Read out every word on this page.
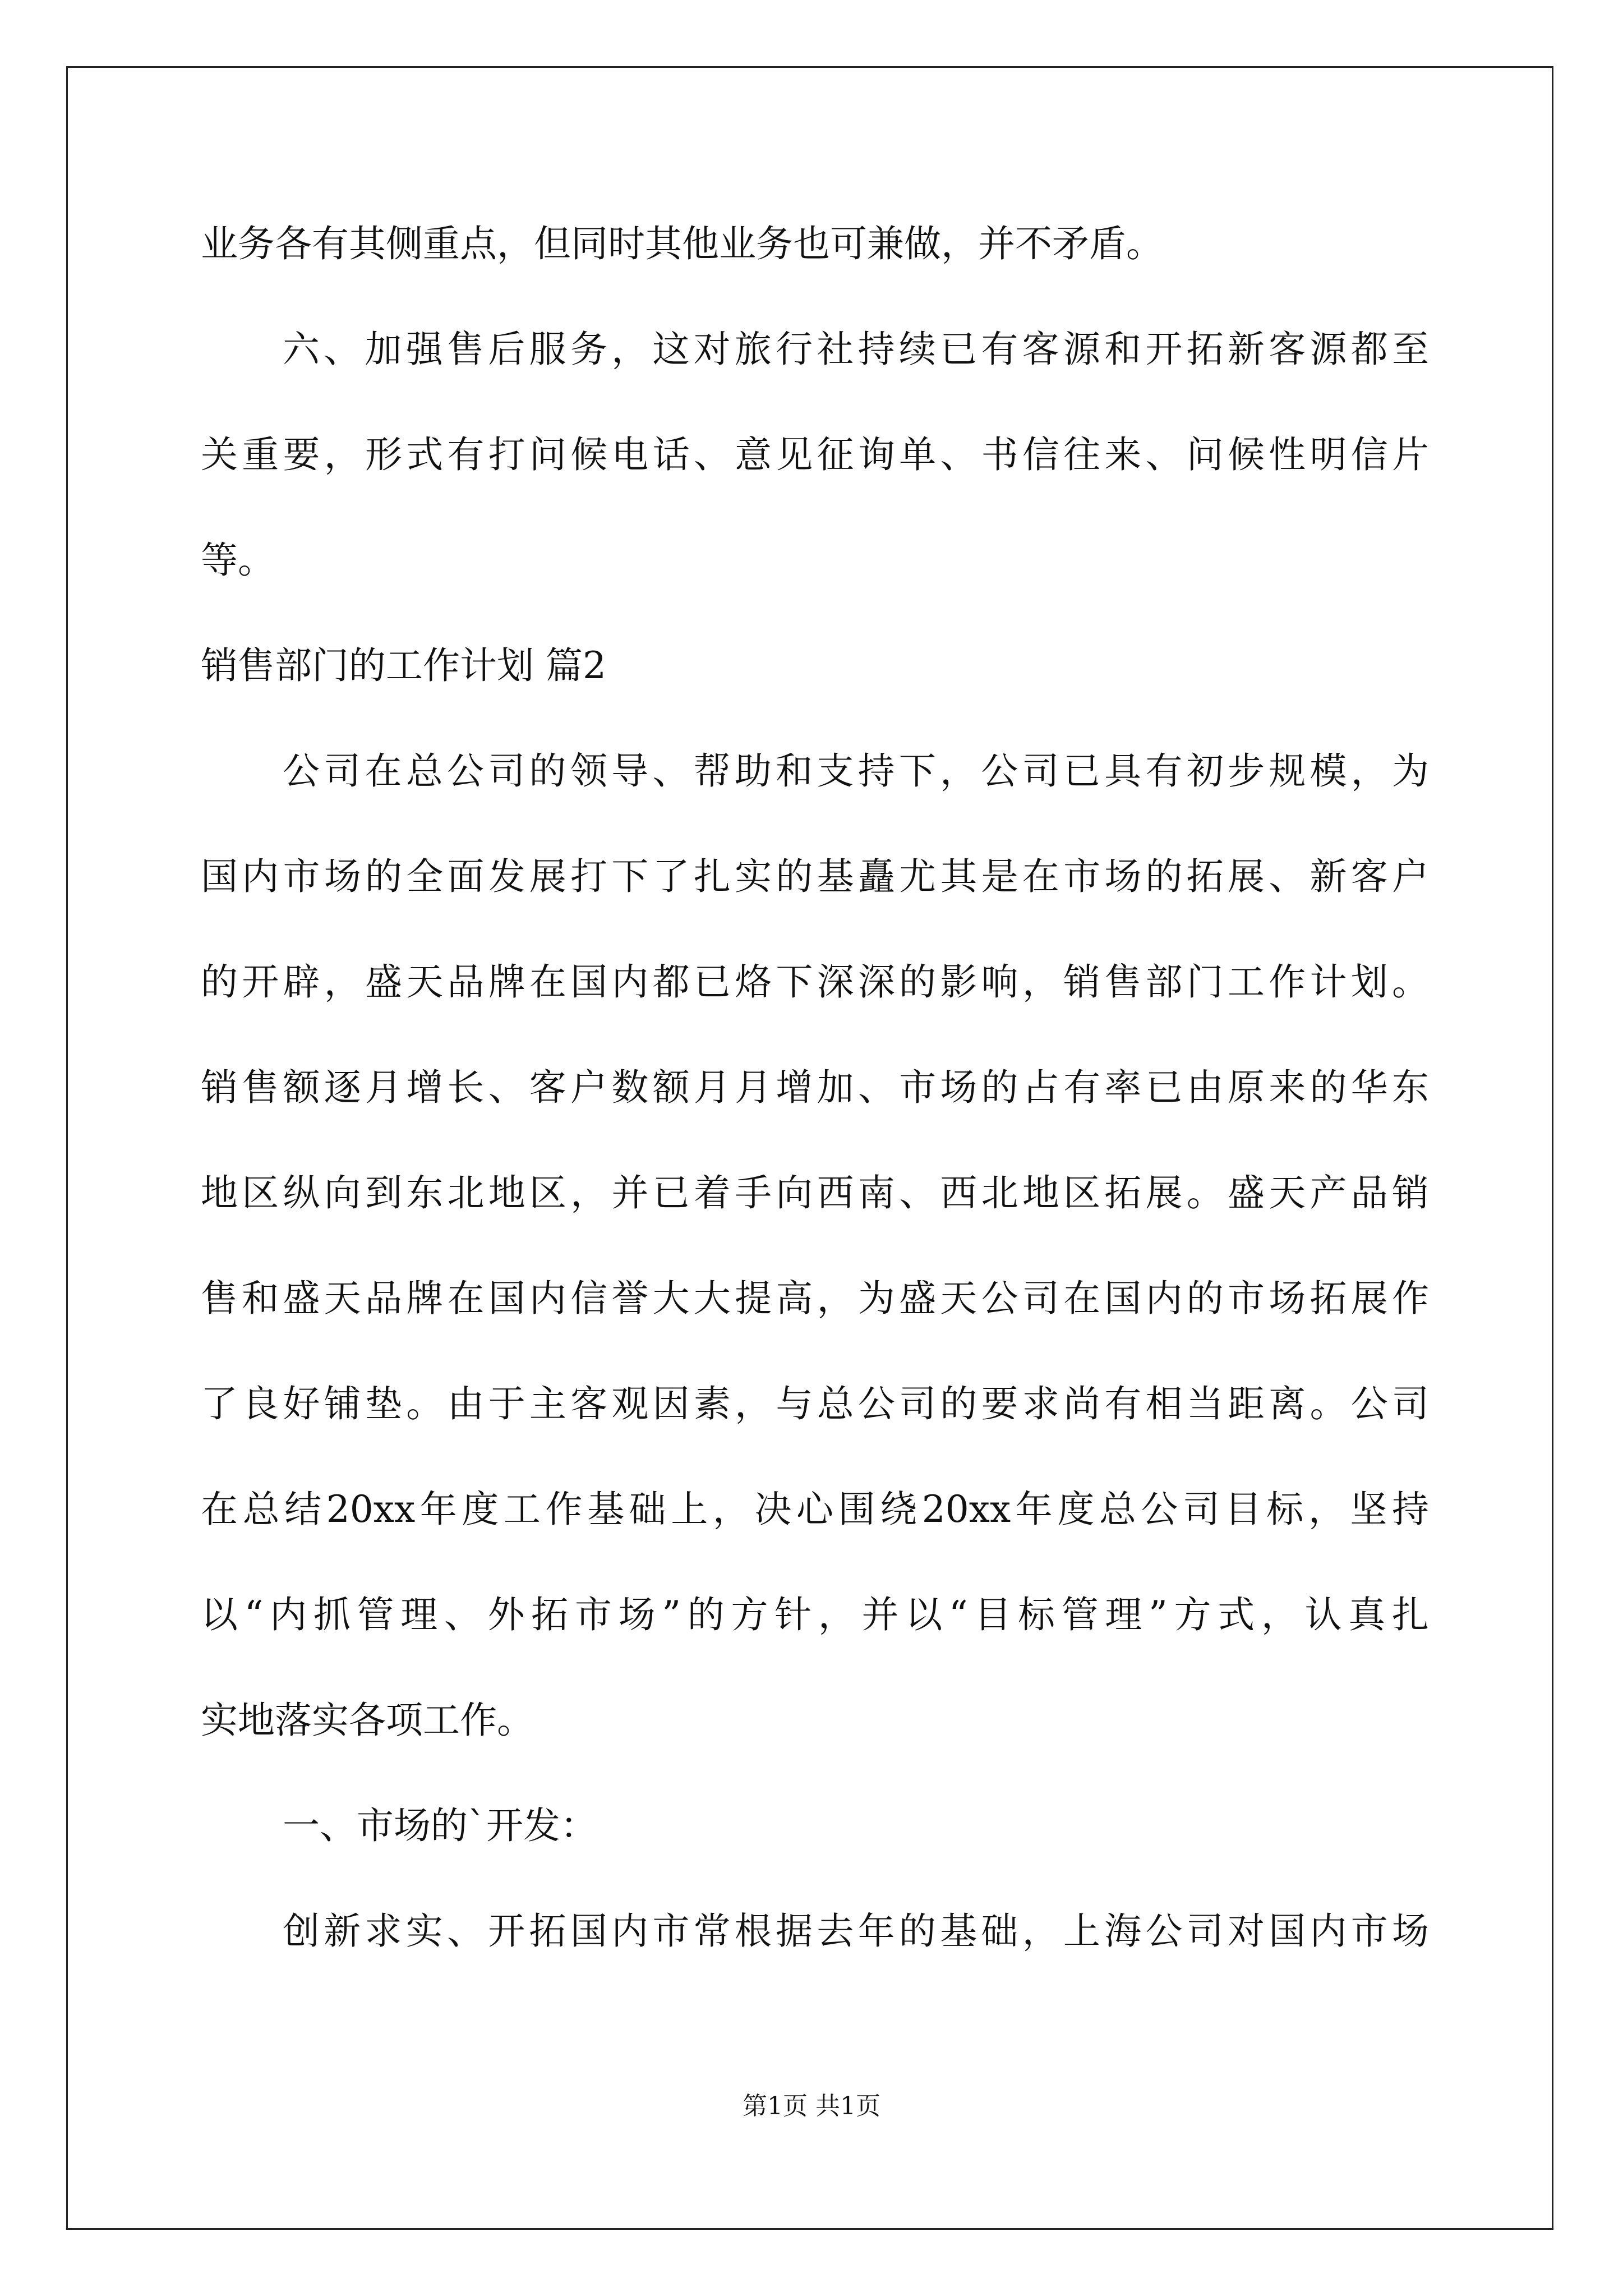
业务各有其侧重点，但同时其他业务也可兼做，并不矛盾。
六、加强售后服务，这对旅行社持续已有客源和开拓新客源都至
关重要，形式有打问候电话、意见征询单、书信往来、问候性明信片
等。
销售部门的工作计划 篇2
公司在总公司的领导、帮助和支持下，公司已具有初步规模，为
国内市场的全面发展打下了扎实的基矗尤其是在市场的拓展、新客户
的开辟，盛天品牌在国内都已烙下深深的影响，销售部门工作计划。
销售额逐月增长、客户数额月月增加、市场的占有率已由原来的华东
地区纵向到东北地区，并已着手向西南、西北地区拓展。盛天产品销
售和盛天品牌在国内信誉大大提高，为盛天公司在国内的市场拓展作
了良好铺垫。由于主客观因素，与总公司的要求尚有相当距离。公司
在总结20xx年度工作基础上，决心围绕20xx年度总公司目标，坚持
以“内抓管理、外拓市场”的方针，并以“目标管理”方式，认真扎
实地落实各项工作。
一、市场的`开发：
创新求实、开拓国内市常根据去年的基础，上海公司对国内市场
第1页 共1页
